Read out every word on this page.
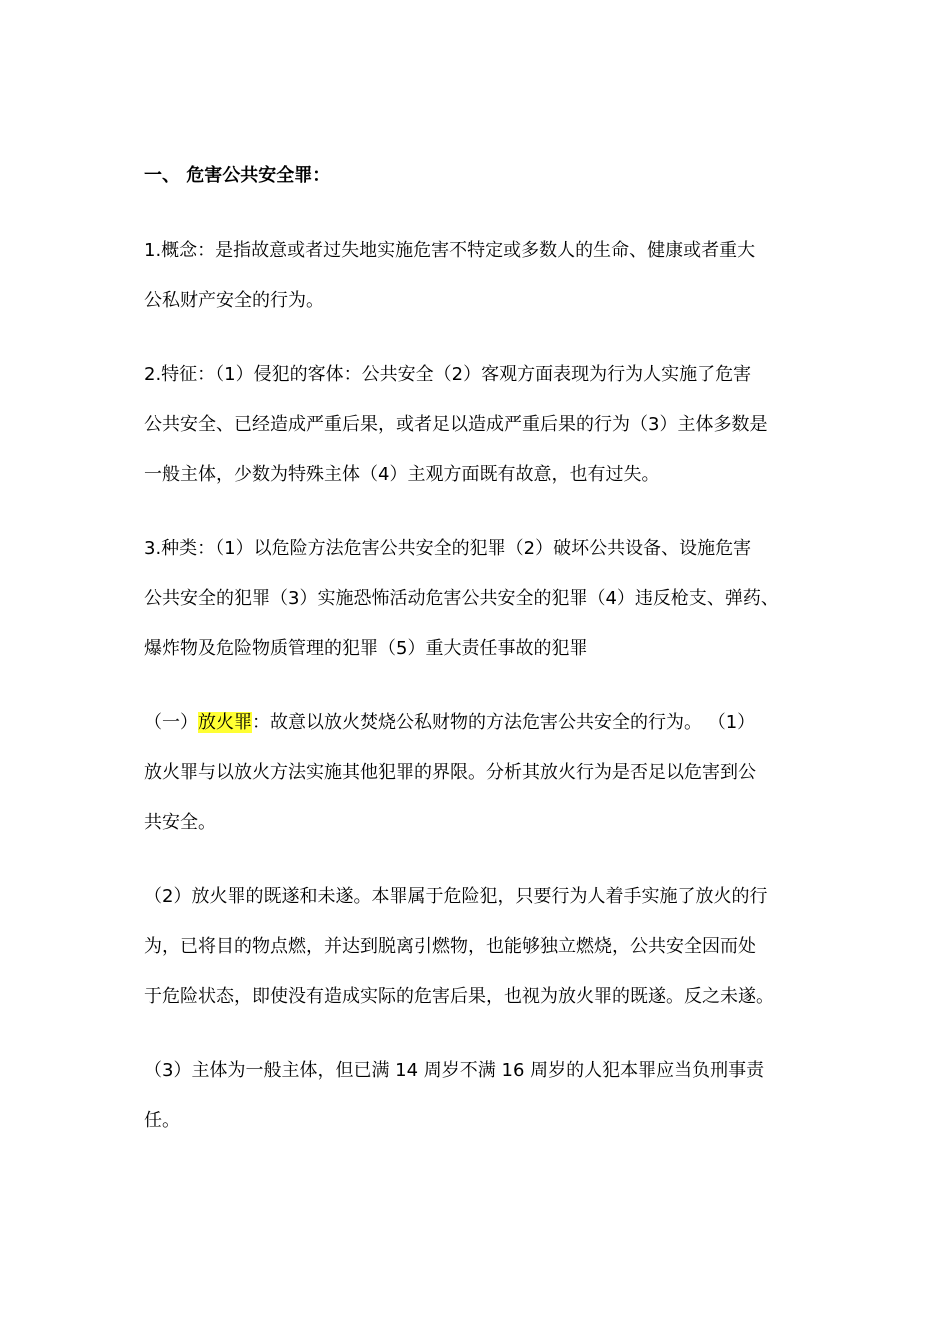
一、 危害公共安全罪：
1.概念：是指故意或者过失地实施危害不特定或多数人的生命、健康或者重大
公私财产安全的行为。
2.特征：（1）侵犯的客体：公共安全（2）客观方面表现为行为人实施了危害
公共安全、已经造成严重后果，或者足以造成严重后果的行为（3）主体多数是
一般主体，少数为特殊主体（4）主观方面既有故意，也有过失。
3.种类：（1）以危险方法危害公共安全的犯罪（2）破坏公共设备、设施危害
公共安全的犯罪（3）实施恐怖活动危害公共安全的犯罪（4）违反枪支、弹药、
爆炸物及危险物质管理的犯罪（5）重大责任事故的犯罪
（一）放火罪：故意以放火焚烧公私财物的方法危害公共安全的行为。 （1）
放火罪与以放火方法实施其他犯罪的界限。分析其放火行为是否足以危害到公
共安全。
（2）放火罪的既遂和未遂。本罪属于危险犯，只要行为人着手实施了放火的行
为，已将目的物点燃，并达到脱离引燃物，也能够独立燃烧，公共安全因而处
于危险状态，即使没有造成实际的危害后果，也视为放火罪的既遂。反之未遂。
（3）主体为一般主体，但已满 14 周岁不满 16 周岁的人犯本罪应当负刑事责
任。
